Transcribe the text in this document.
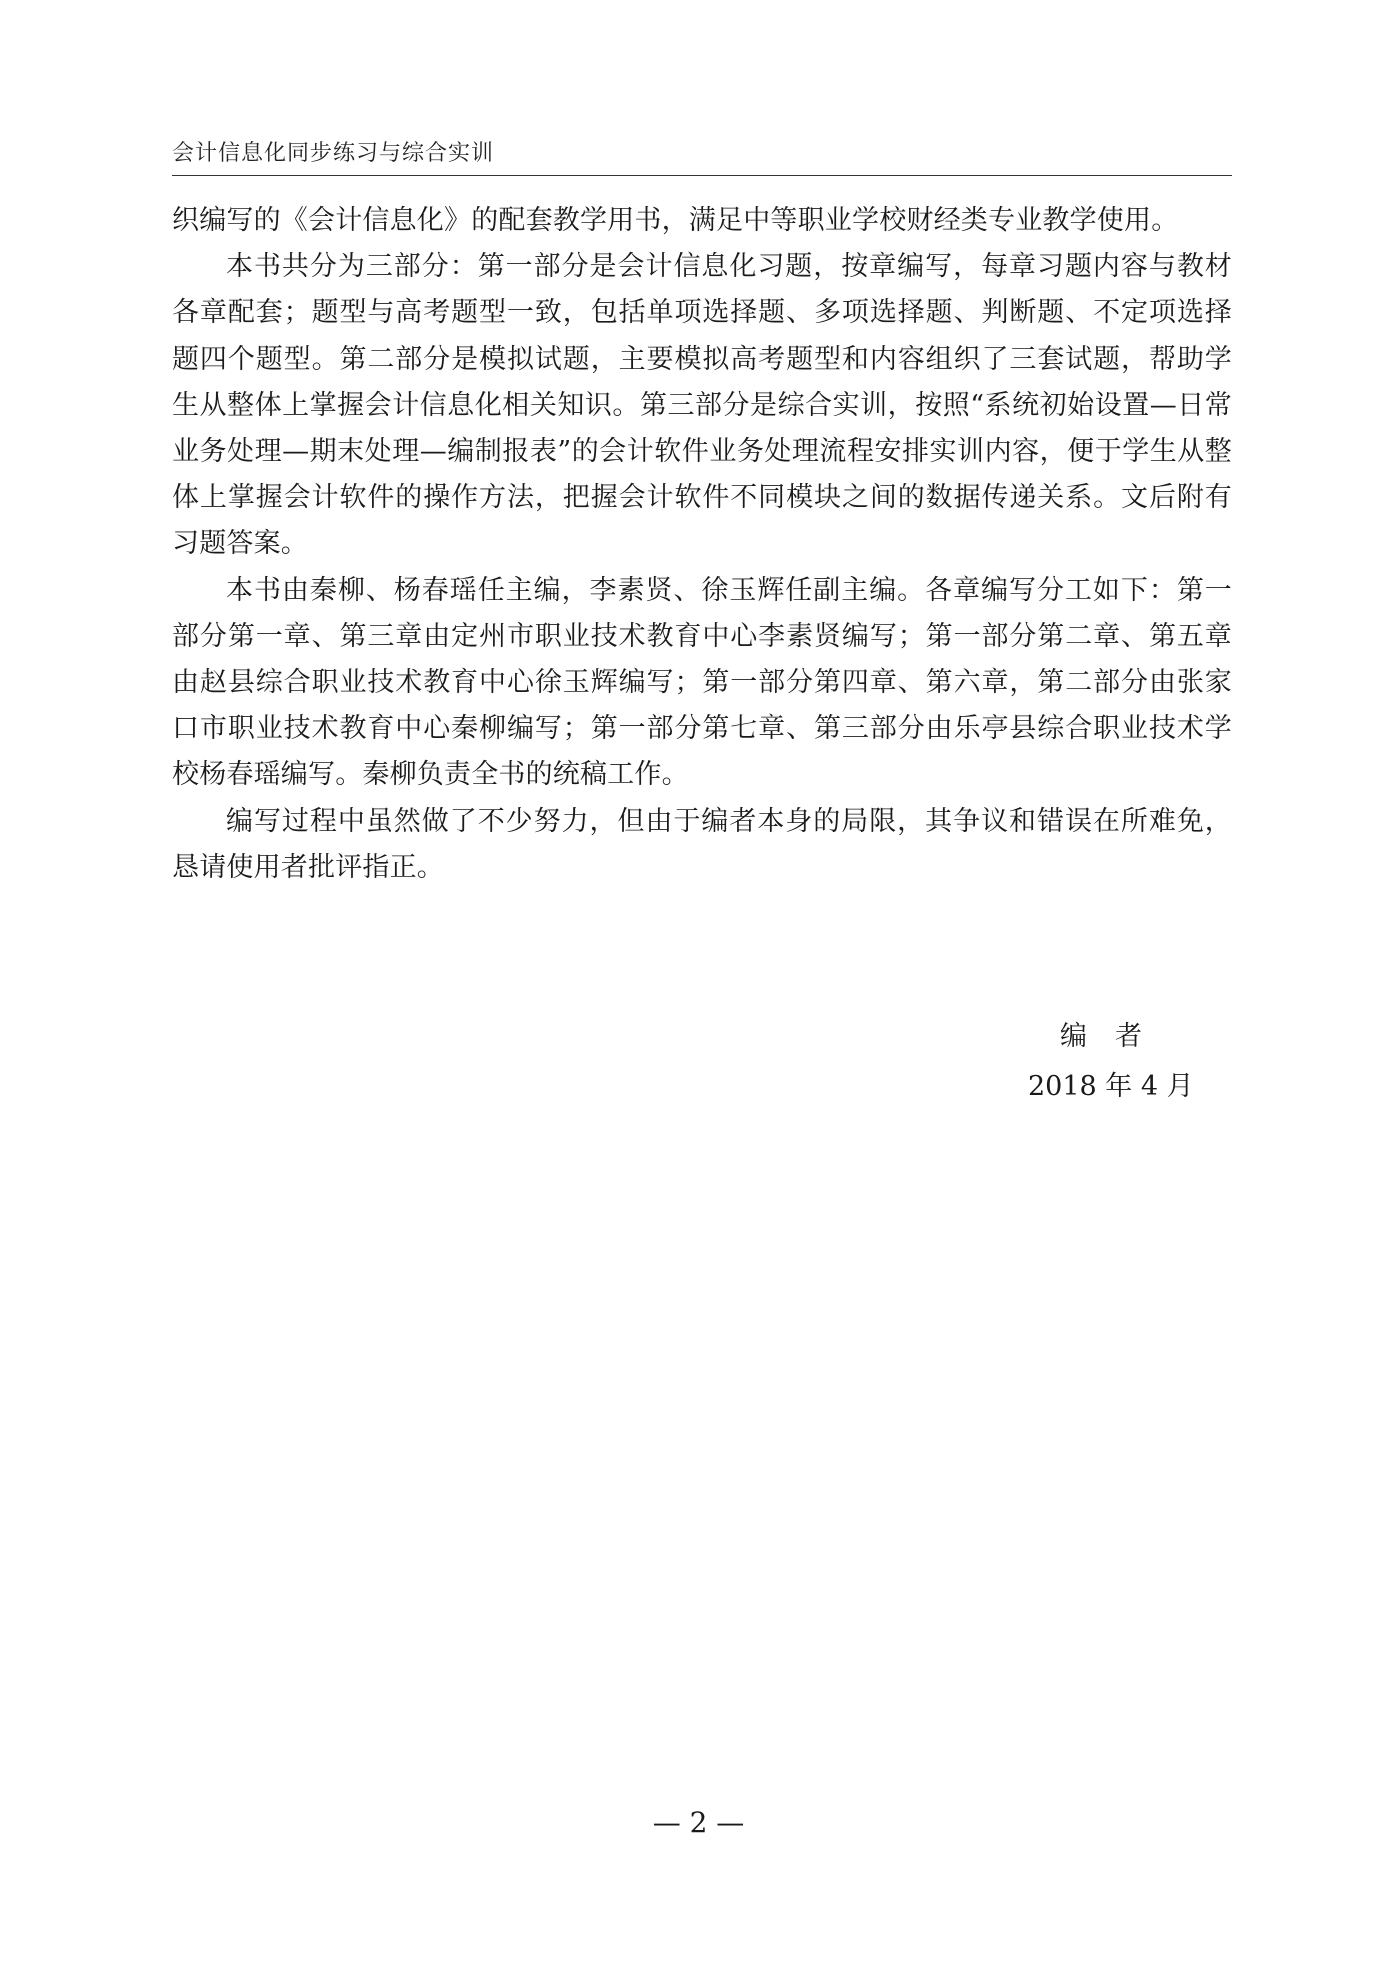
会计信息化同步练习与综合实训

织编写的《会计信息化》的配套教学用书，满足中等职业学校财经类专业教学使用。

本书共分为三部分：第一部分是会计信息化习题，按章编写，每章习题内容与教材各章配套；题型与高考题型一致，包括单项选择题、多项选择题、判断题、不定项选择题四个题型。第二部分是模拟试题，主要模拟高考题型和内容组织了三套试题，帮助学生从整体上掌握会计信息化相关知识。第三部分是综合实训，按照“系统初始设置—日常业务处理—期末处理—编制报表”的会计软件业务处理流程安排实训内容，便于学生从整体上掌握会计软件的操作方法，把握会计软件不同模块之间的数据传递关系。文后附有习题答案。

本书由秦柳、杨春瑶任主编，李素贤、徐玉辉任副主编。各章编写分工如下：第一部分第一章、第三章由定州市职业技术教育中心李素贤编写；第一部分第二章、第五章由赵县综合职业技术教育中心徐玉辉编写；第一部分第四章、第六章，第二部分由张家口市职业技术教育中心秦柳编写；第一部分第七章、第三部分由乐亭县综合职业技术学校杨春瑶编写。秦柳负责全书的统稿工作。

编写过程中虽然做了不少努力，但由于编者本身的局限，其争议和错误在所难免，恳请使用者批评指正。

编者
2018 年 4 月
— 2 —
